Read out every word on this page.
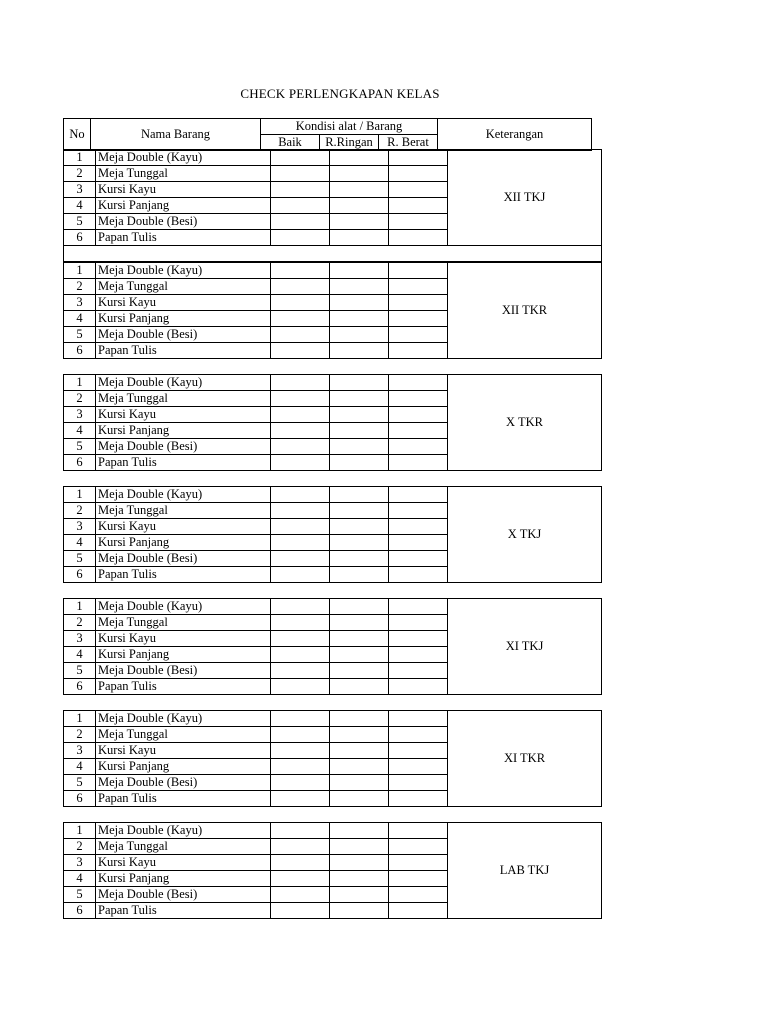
CHECK PERLENGKAPAN KELAS
No	Nama Barang	Kondisi alat / Barang			Keterangan
		Baik	R.Ringan	R. Berat	
1	Meja Double (Kayu)				XII TKJ
2	Meja Tunggal				
3	Kursi Kayu				
4	Kursi Panjang				
5	Meja Double (Besi)				
6	Papan Tulis				

1	Meja Double (Kayu)				XII TKR
2	Meja Tunggal				
3	Kursi Kayu				
4	Kursi Panjang				
5	Meja Double (Besi)				
6	Papan Tulis				
1	Meja Double (Kayu)				X TKR
2	Meja Tunggal				
3	Kursi Kayu				
4	Kursi Panjang				
5	Meja Double (Besi)				
6	Papan Tulis				
1	Meja Double (Kayu)				X TKJ
2	Meja Tunggal				
3	Kursi Kayu				
4	Kursi Panjang				
5	Meja Double (Besi)				
6	Papan Tulis				
1	Meja Double (Kayu)				XI TKJ
2	Meja Tunggal				
3	Kursi Kayu				
4	Kursi Panjang				
5	Meja Double (Besi)				
6	Papan Tulis				
1	Meja Double (Kayu)				XI TKR
2	Meja Tunggal				
3	Kursi Kayu				
4	Kursi Panjang				
5	Meja Double (Besi)				
6	Papan Tulis				
1	Meja Double (Kayu)				LAB TKJ
2	Meja Tunggal				
3	Kursi Kayu				
4	Kursi Panjang				
5	Meja Double (Besi)				
6	Papan Tulis				
